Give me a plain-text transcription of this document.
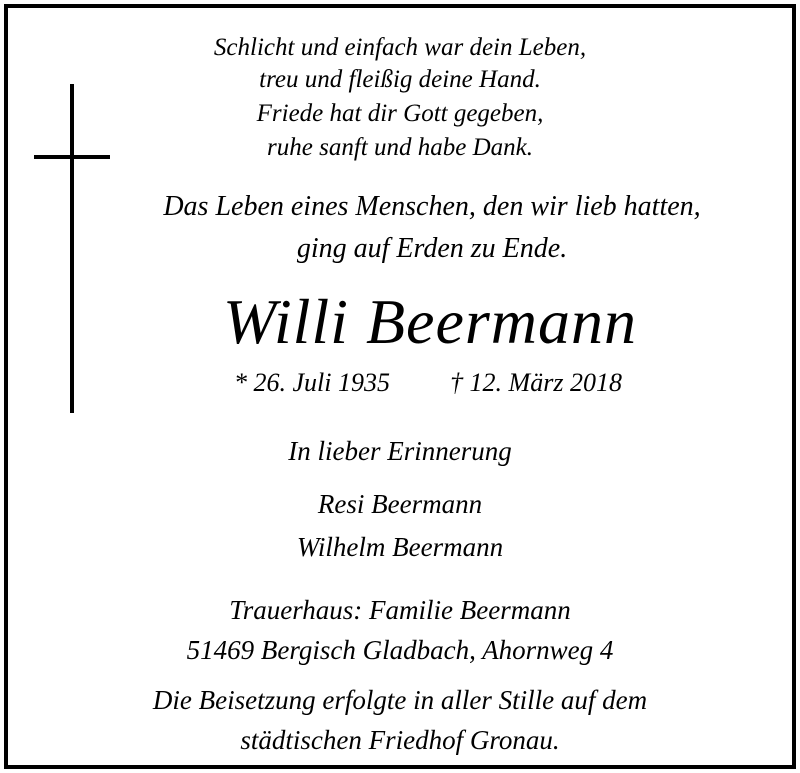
Schlicht und einfach war dein Leben,
treu und fleißig deine Hand.
Friede hat dir Gott gegeben,
ruhe sanft und habe Dank.
Das Leben eines Menschen, den wir lieb hatten,
ging auf Erden zu Ende.
Willi Beermann
* 26. Juli 1935 † 12. März 2018
In lieber Erinnerung
Resi Beermann
Wilhelm Beermann
Trauerhaus: Familie Beermann
51469 Bergisch Gladbach, Ahornweg 4
Die Beisetzung erfolgte in aller Stille auf dem
städtischen Friedhof Gronau.
